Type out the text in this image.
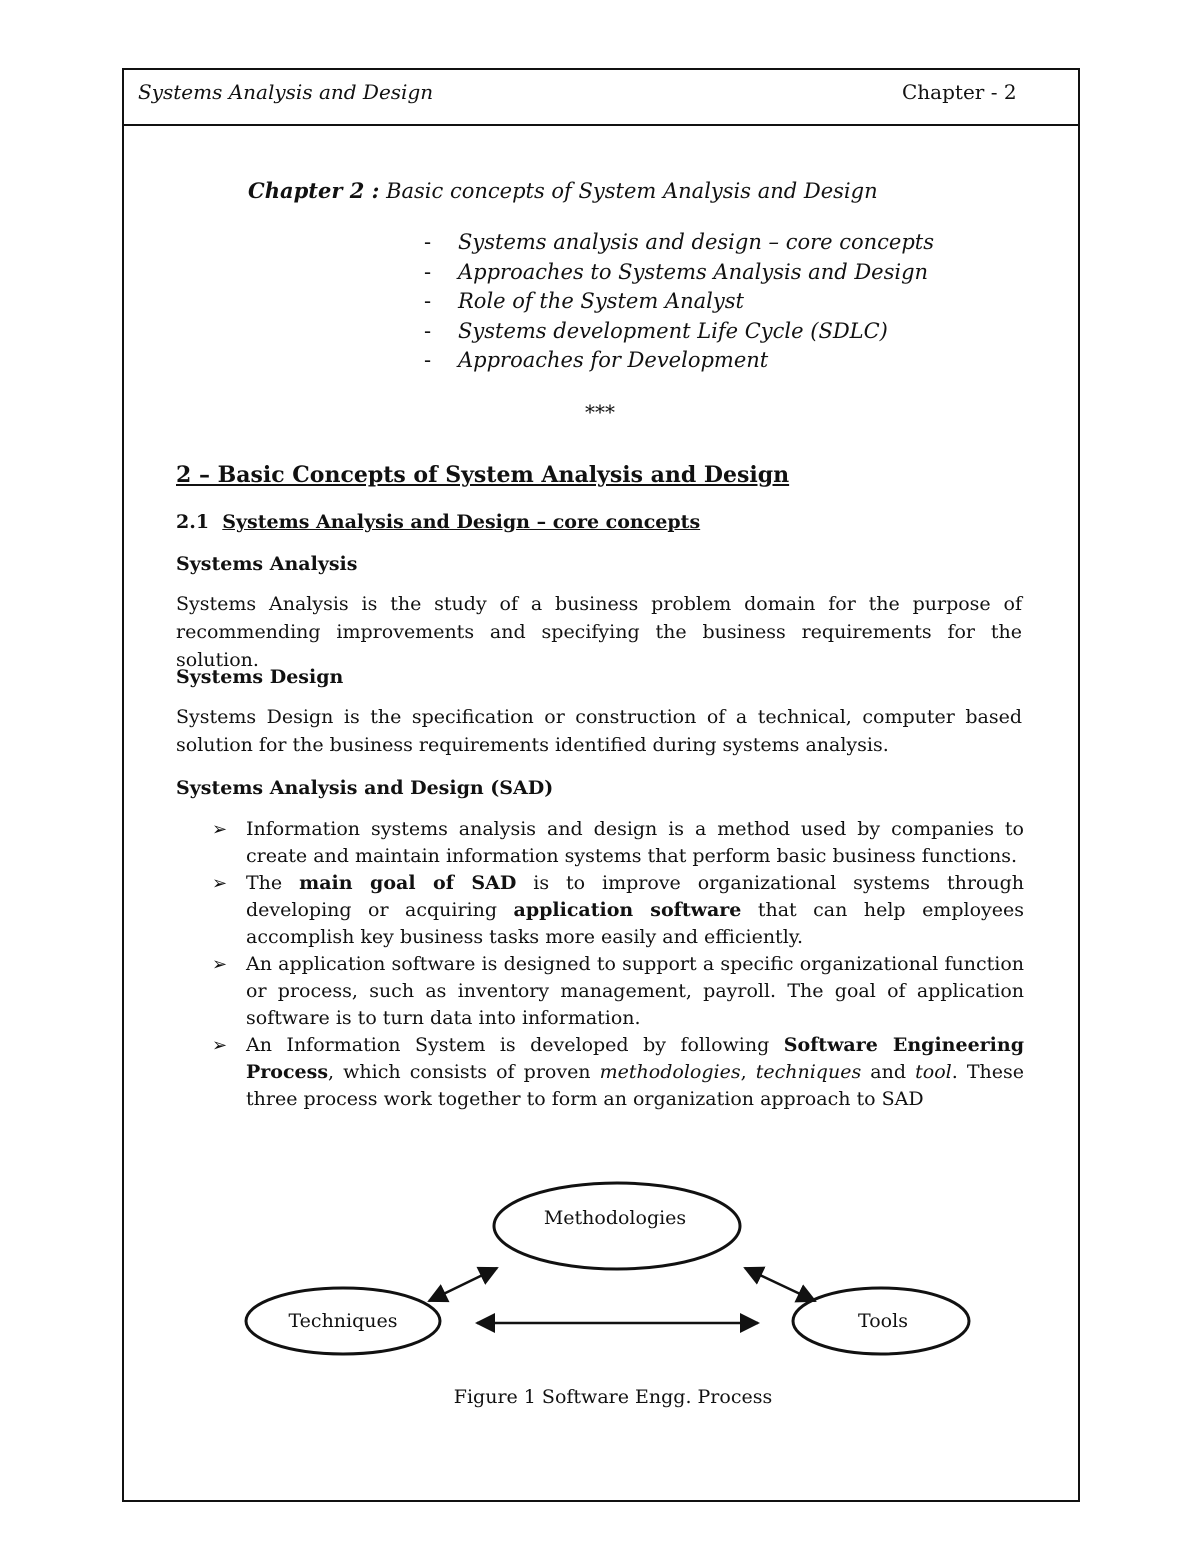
Systems Analysis and Design	Chapter - 2
Chapter 2 : Basic concepts of System Analysis and Design
- Systems analysis and design – core concepts
- Approaches to Systems Analysis and Design
- Role of the System Analyst
- Systems development Life Cycle (SDLC)
- Approaches for Development
***
2 – Basic Concepts of System Analysis and Design
2.1 Systems Analysis and Design – core concepts
Systems Analysis
Systems Analysis is the study of a business problem domain for the purpose of recommending improvements and specifying the business requirements for the solution.
Systems Design
Systems Design is the specification or construction of a technical, computer based solution for the business requirements identified during systems analysis.
Systems Analysis and Design (SAD)
➢ Information systems analysis and design is a method used by companies to create and maintain information systems that perform basic business functions.
➢ The main goal of SAD is to improve organizational systems through developing or acquiring application software that can help employees accomplish key business tasks more easily and efficiently.
➢ An application software is designed to support a specific organizational function or process, such as inventory management, payroll. The goal of application software is to turn data into information.
➢ An Information System is developed by following Software Engineering Process, which consists of proven methodologies, techniques and tool. These three process work together to form an organization approach to SAD
Methodologies
Techniques	Tools
Figure 1 Software Engg. Process
